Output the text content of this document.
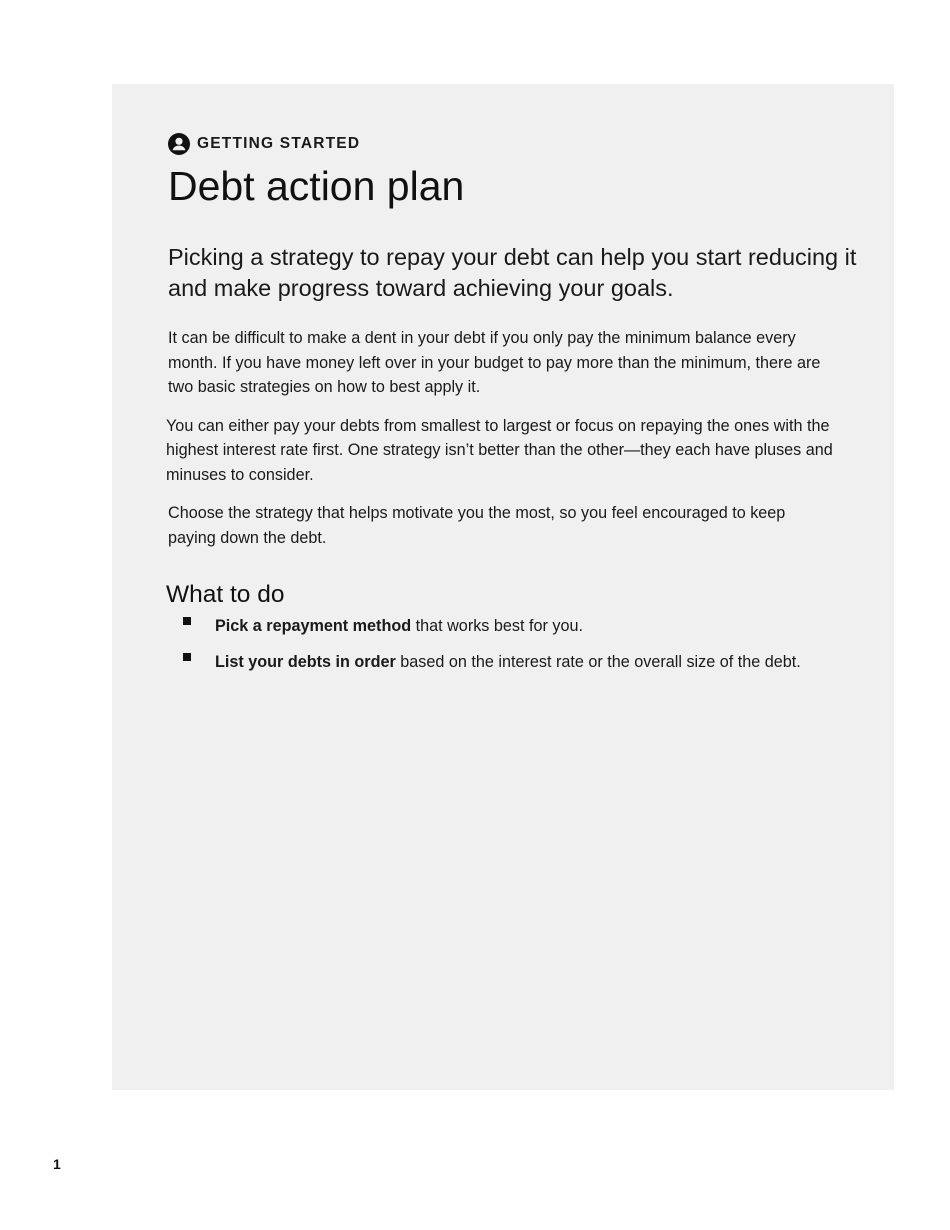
GETTING STARTED
Debt action plan

Picking a strategy to repay your debt can help you start reducing it and make progress toward achieving your goals.

It can be difficult to make a dent in your debt if you only pay the minimum balance every month. If you have money left over in your budget to pay more than the minimum, there are two basic strategies on how to best apply it.

You can either pay your debts from smallest to largest or focus on repaying the ones with the highest interest rate first. One strategy isn’t better than the other—they each have pluses and minuses to consider.

Choose the strategy that helps motivate you the most, so you feel encouraged to keep paying down the debt.

What to do
Pick a repayment method that works best for you.
List your debts in order based on the interest rate or the overall size of the debt.
1
